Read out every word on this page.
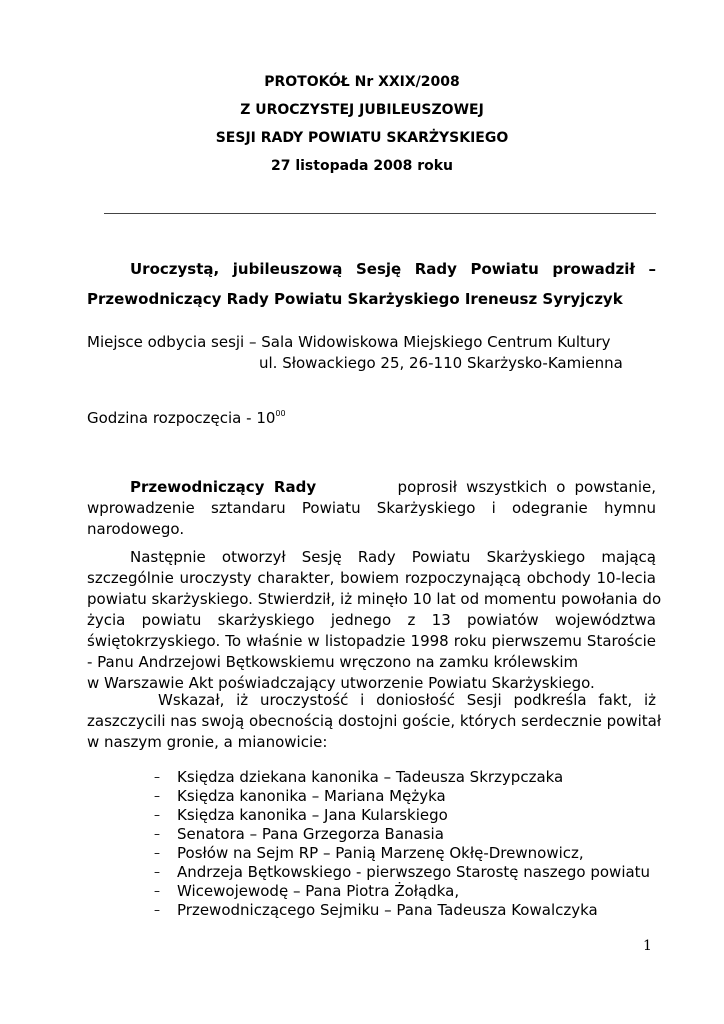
PROTOKÓŁ Nr XXIX/2008
Z UROCZYSTEJ JUBILEUSZOWEJ
SESJI RADY POWIATU SKARŻYSKIEGO
27 listopada 2008 roku
Uroczystą, jubileuszową Sesję Rady Powiatu prowadził –
Przewodniczący Rady Powiatu Skarżyskiego Ireneusz Syryjczyk
Miejsce odbycia sesji – Sala Widowiskowa Miejskiego Centrum Kultury
ul. Słowackiego 25, 26-110 Skarżysko-Kamienna
Godzina rozpoczęcia - $10^{00}$
Przewodniczący Rady	poprosił wszystkich o powstanie,
wprowadzenie sztandaru Powiatu Skarżyskiego i odegranie hymnu
narodowego.
Następnie otworzył Sesję Rady Powiatu Skarżyskiego mającą
szczególnie uroczysty charakter, bowiem rozpoczynającą obchody 10-lecia
powiatu skarżyskiego. Stwierdził, iż minęło 10 lat od momentu powołania do
życia powiatu skarżyskiego jednego z 13 powiatów województwa
świętokrzyskiego. To właśnie w listopadzie 1998 roku pierwszemu Staroście
- Panu Andrzejowi Bętkowskiemu wręczono na zamku królewskim
w Warszawie Akt poświadczający utworzenie Powiatu Skarżyskiego.
Wskazał, iż uroczystość i doniosłość Sesji podkreśla fakt, iż
zaszczycili nas swoją obecnością dostojni goście, których serdecznie powitał
w naszym gronie, a mianowicie:
– Księdza dziekana kanonika – Tadeusza Skrzypczaka
– Księdza kanonika – Mariana Mężyka
– Księdza kanonika – Jana Kularskiego
– Senatora – Pana Grzegorza Banasia
– Posłów na Sejm RP – Panią Marzenę Okłę-Drewnowicz,
– Andrzeja Bętkowskiego - pierwszego Starostę naszego powiatu
– Wicewojewodę – Pana Piotra Żołądka,
– Przewodniczącego Sejmiku – Pana Tadeusza Kowalczyka
1
